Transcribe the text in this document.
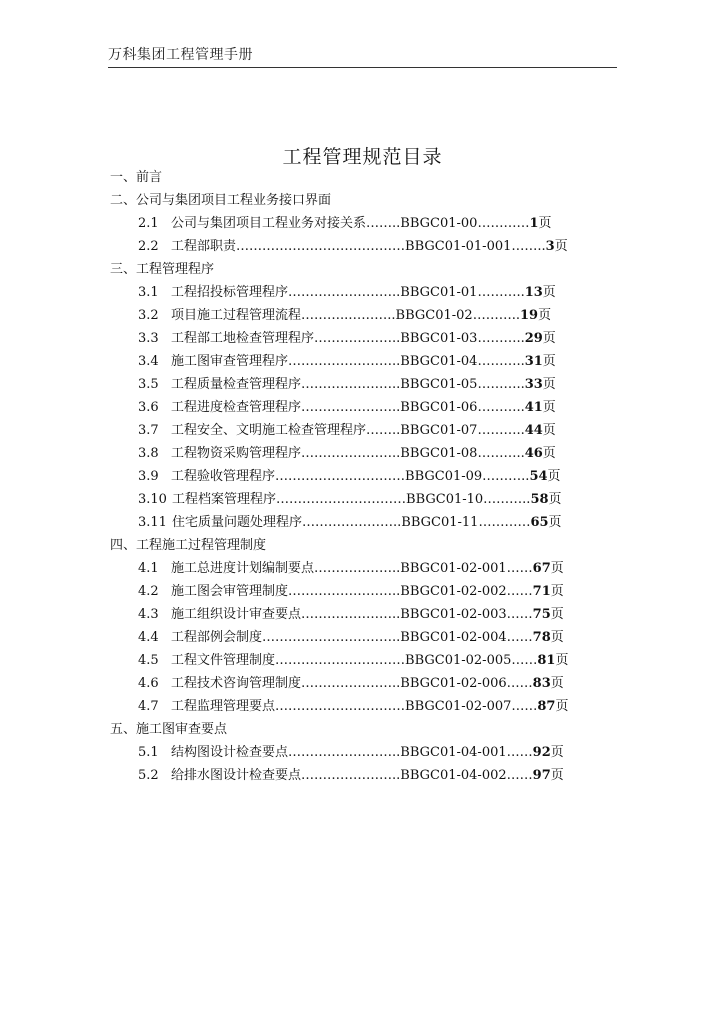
万科集团工程管理手册
工程管理规范目录
一、前言
二、公司与集团项目工程业务接口界面
2.1 公司与集团项目工程业务对接关系 …….. BBGC01-00 ………… 1 页
2.2 工程部职责 ………………………………… BBGC01-01-001 …….. 3 页
三、工程管理程序
3.1 工程招投标管理程序 …………………….. BBGC01-01 ……….. 13 页
3.2 项目施工过程管理流程 ………..……….. BBGC01-02 ……….. 19 页
3.3 工程部工地检查管理程序 ……………….. BBGC01-03 ……….. 29 页
3.4 施工图审查管理程序 …………………….. BBGC01-04 ……….. 31 页
3.5 工程质量检查管理程序 ………………….. BBGC01-05 ……….. 33 页
3.6 工程进度检查管理程序 ………………….. BBGC01-06 ……….. 41 页
3.7 工程安全、文明施工检查管理程序 …….. BBGC01-07 ……….. 44 页
3.8 工程物资采购管理程序 ………………….. BBGC01-08 ……….. 46 页
3.9 工程验收管理程序 ………………………… BBGC01-09 ……….. 54 页
3.10 工程档案管理程序 ………………………… BBGC01-10 ……….. 58 页
3.11 住宅质量问题处理程序 ………………….. BBGC01-11 ………… 65 页
四、工程施工过程管理制度
4.1 施工总进度计划编制要点 ……………….. BBGC01-02-001 …… 67 页
4.2 施工图会审管理制度 …………………….. BBGC01-02-002 …… 71 页
4.3 施工组织设计审查要点 ………………….. BBGC01-02-003 …… 75 页
4.4 工程部例会制度 ………………………….. BBGC01-02-004 …… 78 页
4.5 工程文件管理制度 ………………………… BBGC01-02-005 …… 81 页
4.6 工程技术咨询管理制度 ………………….. BBGC01-02-006 …… 83 页
4.7 工程监理管理要点 ………………………… BBGC01-02-007 …… 87 页
五、施工图审查要点
5.1 结构图设计检查要点 …………………….. BBGC01-04-001 …… 92 页
5.2 给排水图设计检查要点 ………………….. BBGC01-04-002 …… 97 页
